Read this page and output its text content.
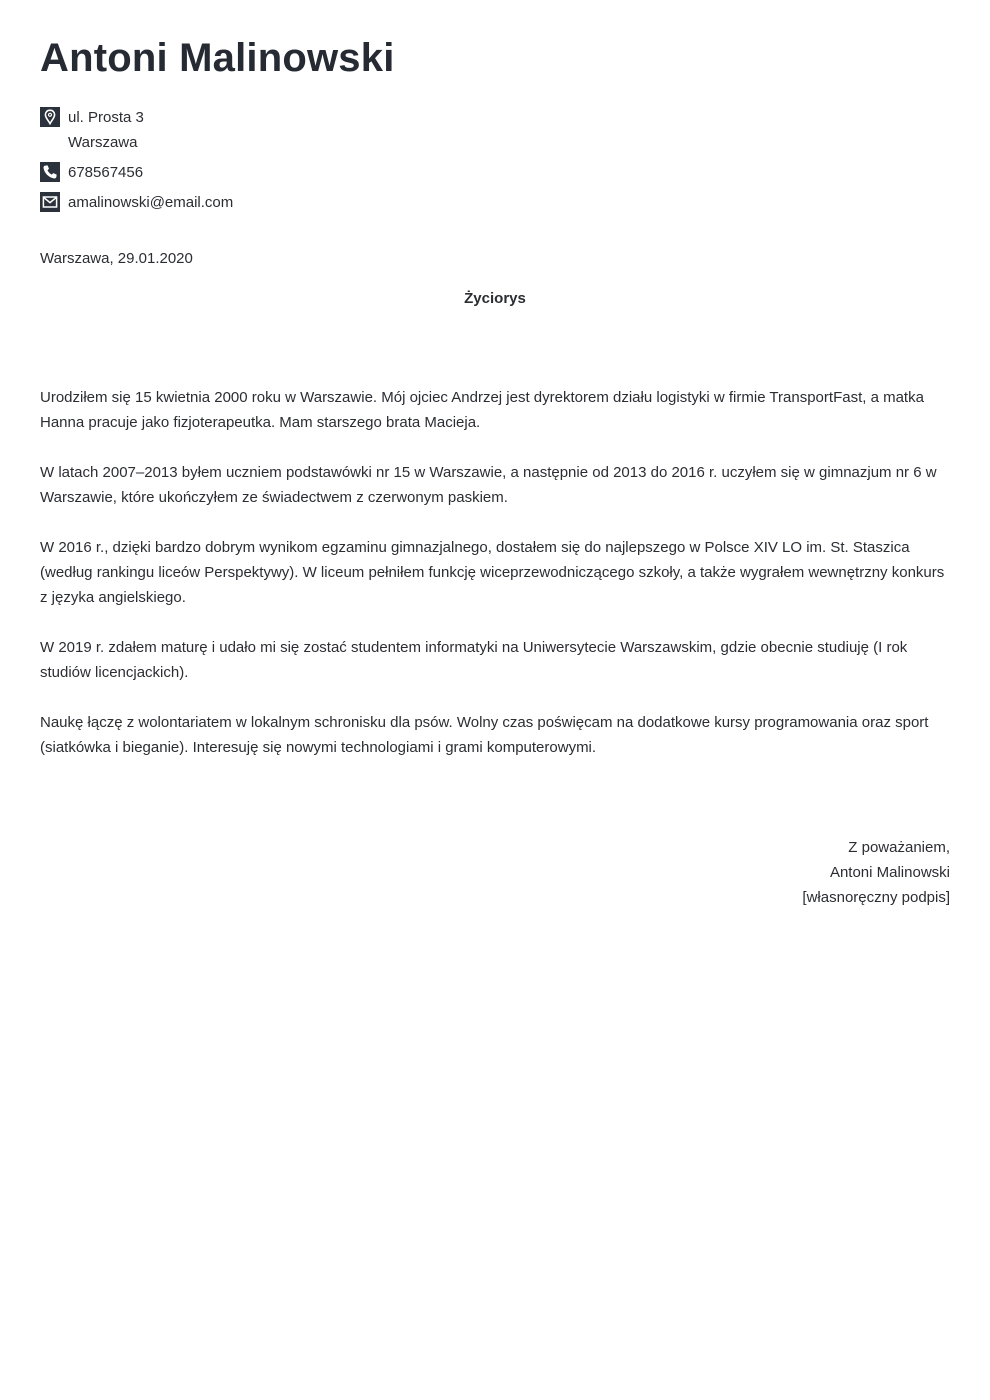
Antoni Malinowski
ul. Prosta 3
Warszawa
678567456
amalinowski@email.com
Warszawa, 29.01.2020
Życiorys

Urodziłem się 15 kwietnia 2000 roku w Warszawie. Mój ojciec Andrzej jest dyrektorem działu logistyki w firmie TransportFast, a matka Hanna pracuje jako fizjoterapeutka. Mam starszego brata Macieja.

W latach 2007–2013 byłem uczniem podstawówki nr 15 w Warszawie, a następnie od 2013 do 2016 r. uczyłem się w gimnazjum nr 6 w Warszawie, które ukończyłem ze świadectwem z czerwonym paskiem.

W 2016 r., dzięki bardzo dobrym wynikom egzaminu gimnazjalnego, dostałem się do najlepszego w Polsce XIV LO im. St. Staszica (według rankingu liceów Perspektywy). W liceum pełniłem funkcję wiceprzewodniczącego szkoły, a także wygrałem wewnętrzny konkurs z języka angielskiego.

W 2019 r. zdałem maturę i udało mi się zostać studentem informatyki na Uniwersytecie Warszawskim, gdzie obecnie studiuję (I rok studiów licencjackich).

Naukę łączę z wolontariatem w lokalnym schronisku dla psów. Wolny czas poświęcam na dodatkowe kursy programowania oraz sport (siatkówka i bieganie). Interesuję się nowymi technologiami i grami komputerowymi.

Z poważaniem,
Antoni Malinowski
[własnoręczny podpis]
